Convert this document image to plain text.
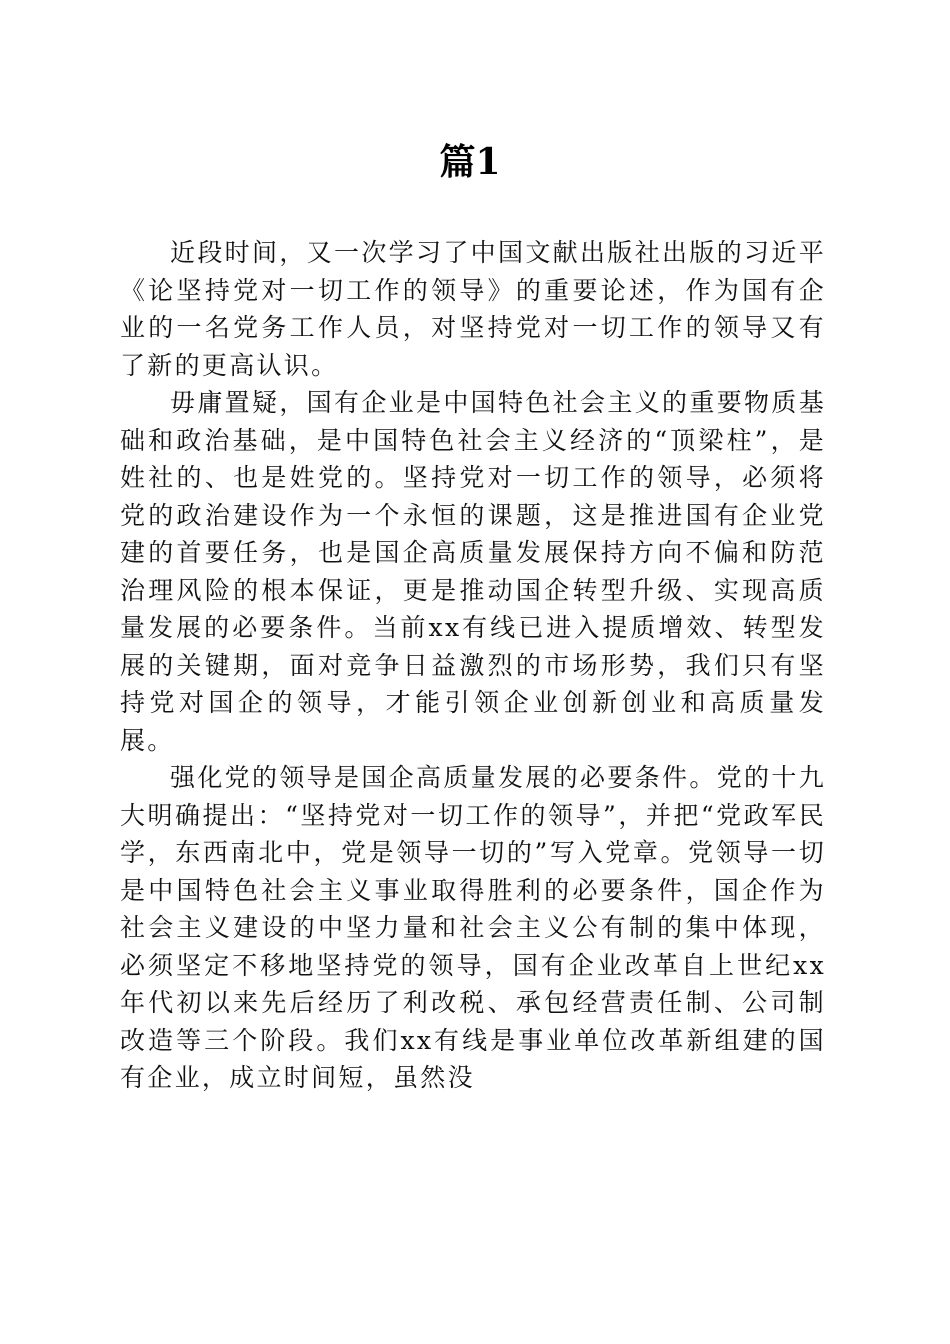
篇1

近段时间，又一次学习了中国文献出版社出版的习近平《论坚持党对一切工作的领导》的重要论述，作为国有企业的一名党务工作人员，对坚持党对一切工作的领导又有了新的更高认识。

毋庸置疑，国有企业是中国特色社会主义的重要物质基础和政治基础，是中国特色社会主义经济的“顶梁柱”，是姓社的、也是姓党的。坚持党对一切工作的领导，必须将党的政治建设作为一个永恒的课题，这是推进国有企业党建的首要任务，也是国企高质量发展保持方向不偏和防范治理风险的根本保证，更是推动国企转型升级、实现高质量发展的必要条件。当前xx有线已进入提质增效、转型发展的关键期，面对竞争日益激烈的市场形势，我们只有坚持党对国企的领导，才能引领企业创新创业和高质量发展。

强化党的领导是国企高质量发展的必要条件。党的十九大明确提出：“坚持党对一切工作的领导”，并把“党政军民学，东西南北中，党是领导一切的”写入党章。党领导一切是中国特色社会主义事业取得胜利的必要条件，国企作为社会主义建设的中坚力量和社会主义公有制的集中体现，必须坚定不移地坚持党的领导，国有企业改革自上世纪xx年代初以来先后经历了利改税、承包经营责任制、公司制改造等三个阶段。我们xx有线是事业单位改革新组建的国有企业，成立时间短，虽然没
